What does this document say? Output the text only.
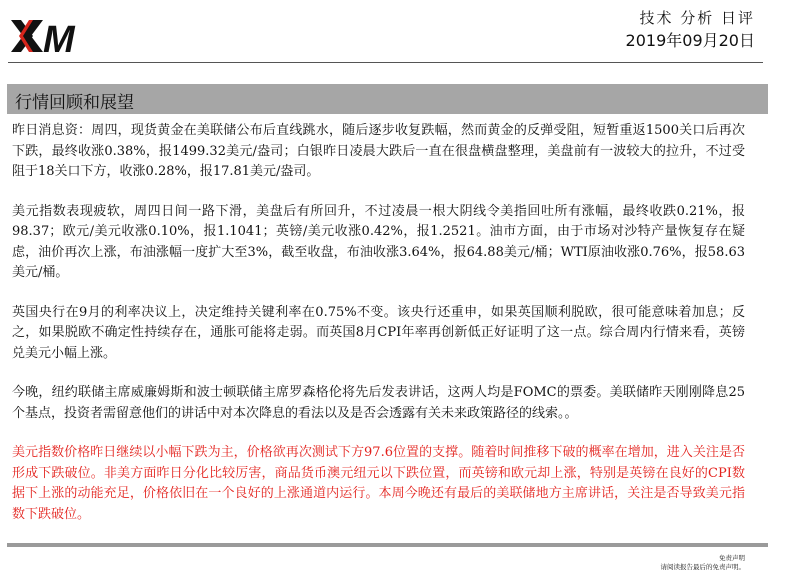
M
技术 分析 日评
2019年09月20日
行情回顾和展望

昨日消息资：周四，现货黄金在美联储公布后直线跳水，随后逐步收复跌幅，然而黄金的反弹受阻，短暂重返1500关口后再次下跌，最终收涨0.38%，报1499.32美元/盎司；白银昨日凌晨大跌后一直在很盘横盘整理，美盘前有一波较大的拉升，不过受阻于18关口下方，收涨0.28%，报17.81美元/盎司。

美元指数表现疲软，周四日间一路下滑，美盘后有所回升，不过凌晨一根大阴线令美指回吐所有涨幅，最终收跌0.21%，报98.37；欧元/美元收涨0.10%，报1.1041；英镑/美元收涨0.42%，报1.2521。油市方面，由于市场对沙特产量恢复存在疑虑，油价再次上涨，布油涨幅一度扩大至3%，截至收盘，布油收涨3.64%，报64.88美元/桶；WTI原油收涨0.76%，报58.63美元/桶。

英国央行在9月的利率决议上，决定维持关键利率在0.75%不变。该央行还重申，如果英国顺利脱欧，很可能意味着加息；反之，如果脱欧不确定性持续存在，通胀可能将走弱。而英国8月CPI年率再创新低正好证明了这一点。综合周内行情来看，英镑兑美元小幅上涨。

今晚，纽约联储主席威廉姆斯和波士顿联储主席罗森格伦将先后发表讲话，这两人均是FOMC的票委。美联储昨天刚刚降息25个基点，投资者需留意他们的讲话中对本次降息的看法以及是否会透露有关未来政策路径的线索。。

美元指数价格昨日继续以小幅下跌为主，价格欲再次测试下方97.6位置的支撑。随着时间推移下破的概率在增加，进入关注是否形成下跌破位。非美方面昨日分化比较厉害，商品货币澳元纽元以下跌位置，而英镑和欧元却上涨，特别是英镑在良好的CPI数据下上涨的动能充足，价格依旧在一个良好的上涨通道内运行。本周今晚还有最后的美联储地方主席讲话，关注是否导致美元指数下跌破位。

免责声明
请阅读报告最后的免责声明。
